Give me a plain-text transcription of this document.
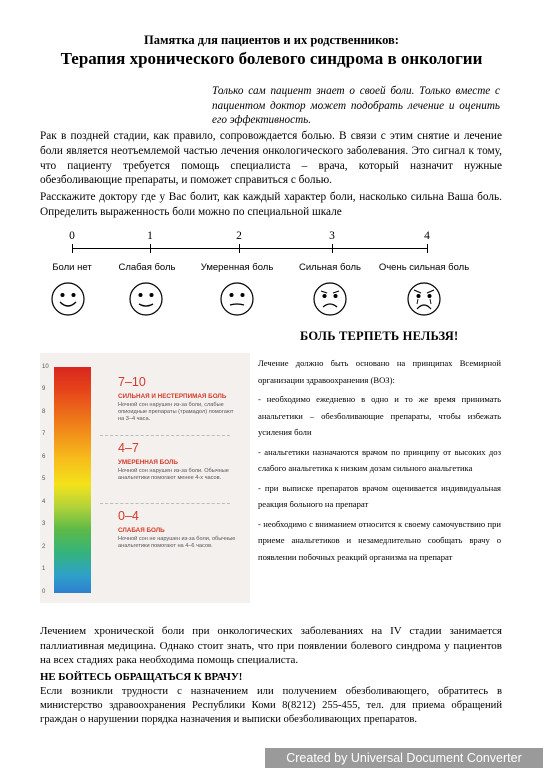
Памятка для пациентов и их родственников:
Терапия хронического болевого синдрома в онкологии
Только сам пациент знает о своей боли. Только вместе с пациентом доктор может подобрать лечение и оценить его эффективность.
Рак в поздней стадии, как правило, сопровождается болью. В связи с этим снятие и лечение боли является неотъемлемой частью лечения онкологического заболевания. Это сигнал к тому, что пациенту требуется помощь специалиста – врача, который назначит нужные обезболивающие препараты, и поможет справиться с болью.
Расскажите доктору где у Вас болит, как каждый характер боли, насколько сильна Ваша боль. Определить выраженность боли можно по специальной шкале
0	1	2	3	4
Боли нет	Слабая боль	Умеренная боль	Сильная боль	Очень сильная боль
БОЛЬ ТЕРПЕТЬ НЕЛЬЗЯ!
10
9
8
7
6
5
4
3
2
1
0
7–10
СИЛЬНАЯ И НЕСТЕРПИМАЯ БОЛЬ
Ночной сон нарушен из-за боли, слабые опиоидные препараты (трамадол) помогают на 3–4 часа.
4–7
УМЕРЕННАЯ БОЛЬ
Ночной сон нарушен из-за боли. Обычные анальгетики помогают менее 4-х часов.
0–4
СЛАБАЯ БОЛЬ
Ночной сон не нарушен из-за боли, обычные анальгетики помогают на 4–6 часов.

Лечение должно быть основано на принципах Всемирной организации здравоохранения (ВОЗ):

- необходимо ежедневно в одно и то же время принимать анальгетики – обезболивающие препараты, чтобы избежать усиления боли

- анальгетики назначаются врачом по принципу от высоких доз слабого анальгетика к низким дозам сильного анальгетика

- при выписке препаратов врачом оценивается индивидуальная реакция больного на препарат

- необходимо с вниманием относится к своему самочувствию при приеме анальгетиков и незамедлительно сообщать врачу о появлении побочных реакций организма на препарат

Лечением хронической боли при онкологических заболеваниях на IV стадии занимается паллиативная медицина. Однако стоит знать, что при появлении болевого синдрома у пациентов на всех стадиях рака необходима помощь специалиста.
НЕ БОЙТЕСЬ ОБРАЩАТЬСЯ К ВРАЧУ!
Если возникли трудности с назначением или получением обезболивающего, обратитесь в министерство здравоохранения Республики Коми 8(8212) 255-455, тел. для приема обращений граждан о нарушении порядка назначения и выписки обезболивающих препаратов.
Created by Universal Document Converter
